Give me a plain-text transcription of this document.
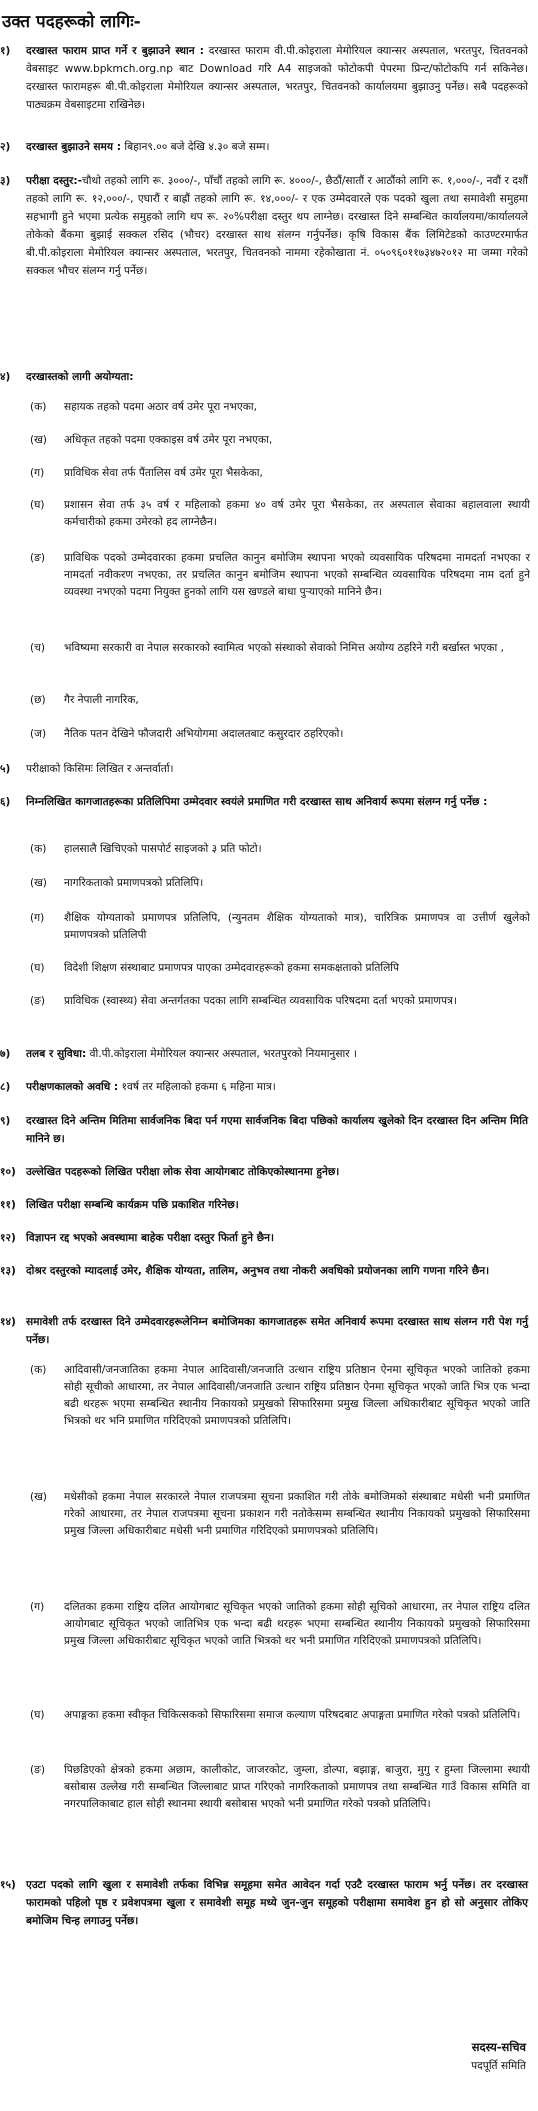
उक्त पदहरूको लागिः-
१) दरखास्त फाराम प्राप्त गर्ने र बुझाउने स्थान : दरखास्त फाराम वी.पी.कोइराला मेमोरियल क्यान्सर अस्पताल, भरतपुर, चितवनको वेबसाइट www.bpkmch.org.np बाट Download गरि A4 साइजको फोटोकपी पेपरमा प्रिन्ट/फोटोकपि गर्न सकिनेछ। दरखास्त फारामहरू बी.पी.कोइराला मेमोरियल क्यान्सर अस्पताल, भरतपुर, चितवनको कार्यालयमा बुझाउनु पर्नेछ। सबै पदहरूको पाठ्यक्रम वेबसाइटमा राखिनेछ।
२) दरखास्त बुझाउने समय : बिहान९.०० बजे देखि ४.३० बजे सम्म।
३) परीक्षा दस्तुर:-चौथो तहको लागि रू. ३०००/-, पाँचौं तहको लागि रू. ४०००/-, छैठौं/सातौं र आठौंको लागि रू. १,०००/-, नवौं र दशौं तहको लागि रू. १२,०००/-, एघारौं र बाह्रौं तहको लागि रू. १४,०००/- र एक उम्मेदवारले एक पदको खुला तथा समावेशी समुहमा सहभागी हुने भएमा प्रत्येक समुहको लागि थप रू. २०%परीक्षा दस्तुर थप लाग्नेछ। दरखास्त दिने सम्बन्धित कार्यालयमा/कार्यालयले तोकेको बैंकमा बुझाई सक्कल रसिद (भौचर) दरखास्त साथ संलग्न गर्नुपर्नेछ। कृषि विकास बैंक लिमिटेडको काउण्टरमार्फत बी.पी.कोइराला मेमोरियल क्यान्सर अस्पताल, भरतपुर, चितवनको नाममा रहेकोखाता नं. ०५०९६०११७३४७२०१२ मा जम्मा गरेको सक्कल भौचर संलग्न गर्नु पर्नेछ।
४) दरखास्तको लागी अयोग्यता:
(क) सहायक तहको पदमा अठार वर्ष उमेर पूरा नभएका,
(ख) अधिकृत तहको पदमा एक्काइस वर्ष उमेर पूरा नभएका,
(ग) प्राविधिक सेवा तर्फ पैंतालिस वर्ष उमेर पूरा भैसकेका,
(घ) प्रशासन सेवा तर्फ ३५ वर्ष र महिलाको हकमा ४० वर्ष उमेर पूरा भैसकेका, तर अस्पताल सेवाका बहालवाला स्थायी कर्मचारीको हकमा उमेरको हद लाग्नेछैन।
(ङ) प्राविधिक पदको उम्मेदवारका हकमा प्रचलित कानुन बमोजिम स्थापना भएको व्यवसायिक परिषदमा नामदर्ता नभएका र नामदर्ता नवीकरण नभएका, तर प्रचलित कानुन बमोजिम स्थापना भएको सम्बन्धित व्यवसायिक परिषदमा नाम दर्ता हुने व्यवस्था नभएको पदमा नियुक्त हुनको लागि यस खण्डले बाधा पुऱ्याएको मानिने छैन।
(च) भविष्यमा सरकारी वा नेपाल सरकारको स्वामित्व भएको संस्थाको सेवाको निमित्त अयोग्य ठहरिने गरी बर्खास्त भएका ,
(छ) गैर नेपाली नागरिक,
(ज) नैतिक पतन देखिने फौजदारी अभियोगमा अदालतबाट कसुरदार ठहरिएको।
५) परीक्षाको किसिमः लिखित र अन्तर्वार्ता।
६) निम्नलिखित कागजातहरूका प्रतिलिपिमा उम्मेदवार स्वयंले प्रमाणित गरी दरखास्त साथ अनिवार्य रूपमा संलग्न गर्नु पर्नेछ :
(क) हालसालै खिचिएको पासपोर्ट साइजको ३ प्रति फोटो।
(ख) नागरिकताको प्रमाणपत्रको प्रतिलिपि।
(ग) शैक्षिक योग्यताको प्रमाणपत्र प्रतिलिपि, (न्युनतम शैक्षिक योग्यताको मात्र), चारित्रिक प्रमाणपत्र वा उत्तीर्ण खुलेको प्रमाणपत्रको प्रतिलिपी
(घ) विदेशी शिक्षण संस्थाबाट प्रमाणपत्र पाएका उम्मेदवारहरूको हकमा समकक्षताको प्रतिलिपि
(ङ) प्राविधिक (स्वास्थ्य) सेवा अन्तर्गतका पदका लागि सम्बन्धित व्यवसायिक परिषदमा दर्ता भएको प्रमाणपत्र।
७) तलब र सुविधा: वी.पी.कोइराला मेमोरियल क्यान्सर अस्पताल, भरतपुरको नियमानुसार ।
८) परीक्षणकालको अवधि : १वर्ष तर महिलाको हकमा ६ महिना मात्र।
९) दरखास्त दिने अन्तिम मितिमा सार्वजनिक बिदा पर्न गएमा सार्वजनिक बिदा पछिको कार्यालय खुलेको दिन दरखास्त दिन अन्तिम मिति मानिने छ।
१०) उल्लेखित पदहरूको लिखित परीक्षा लोक सेवा आयोगबाट तोकिएकोस्थानमा हुनेछ।
११) लिखित परीक्षा सम्बन्धि कार्यक्रम पछि प्रकाशित गरिनेछ।
१२) विज्ञापन रद्द भएको अवस्थामा बाहेक परीक्षा दस्तुर फिर्ता हुने छैन।
१३) दोश्रर दस्तुरको म्यादलाई उमेर, शैक्षिक योग्यता, तालिम, अनुभव तथा नोकरी अवधिको प्रयोजनका लागि गणना गरिने छैन।
१४) समावेशी तर्फ दरखास्त दिने उम्मेदवारहरूलेनिम्न बमोजिमका कागजातहरू समेत अनिवार्य रूपमा दरखास्त साथ संलग्न गरी पेश गर्नु पर्नेछ।
(क) आदिवासी/जनजातिका हकमा नेपाल आदिवासी/जनजाति उत्थान राष्ट्रिय प्रतिष्ठान ऐनमा सूचिकृत भएको जातिको हकमा सोही सूचीको आधारमा, तर नेपाल आदिवासी/जनजाति उत्थान राष्ट्रिय प्रतिष्ठान ऐनमा सूचिकृत भएको जाति भित्र एक भन्दा बढी थरहरू भएमा सम्बन्धित स्थानीय निकायको प्रमुखको सिफारिसमा प्रमुख जिल्ला अधिकारीबाट सूचिकृत भएको जाति भित्रको थर भनि प्रमाणित गरिदिएको प्रमाणपत्रको प्रतिलिपि।
(ख) मधेसीको हकमा नेपाल सरकारले नेपाल राजपत्रमा सूचना प्रकाशित गरी तोके बमोजिमको संस्थाबाट मधेसी भनी प्रमाणित गरेको आधारमा, तर नेपाल राजपत्रमा सूचना प्रकाशन गरी नतोकेसम्म सम्बन्धित स्थानीय निकायको प्रमुखको सिफारिसमा प्रमुख जिल्ला अधिकारीबाट मधेसी भनी प्रमाणित गरिदिएको प्रमाणपत्रको प्रतिलिपि।
(ग) दलितका हकमा राष्ट्रिय दलित आयोगबाट सूचिकृत भएको जातिको हकमा सोही सूचिको आधारमा, तर नेपाल राष्ट्रिय दलित आयोगबाट सूचिकृत भएको जातिभित्र एक भन्दा बढी थरहरू भएमा सम्बन्धित स्थानीय निकायको प्रमुखको सिफारिसमा प्रमुख जिल्ला अधिकारीबाट सूचिकृत भएको जाति भित्रको थर भनी प्रमाणित गरिदिएको प्रमाणपत्रको प्रतिलिपि।
(घ) अपाङ्गका हकमा स्वीकृत चिकित्सकको सिफारिसमा समाज कल्याण परिषदबाट अपाङ्गता प्रमाणित गरेको पत्रको प्रतिलिपि।
(ङ) पिछडिएको क्षेत्रको हकमा अछाम, कालीकोट, जाजरकोट, जुम्ला, डोल्पा, बझाङ्ग, बाजुरा, मुगु र हुम्ला जिल्लामा स्थायी बसोबास उल्लेख गरी सम्बन्धित जिल्लाबाट प्राप्त गरिएको नागरिकताको प्रमाणपत्र तथा सम्बन्धित गाउँ विकास समिति वा नगरपालिकाबाट हाल सोही स्थानमा स्थायी बसोबास भएको भनी प्रमाणित गरेको पत्रको प्रतिलिपि।
१५) एउटा पदको लागि खुला र समावेशी तर्फका विभिन्न समूहमा समेत आवेदन गर्दा एउटै दरखास्त फाराम भर्नु पर्नेछ। तर दरखास्त फारामको पहिलो पृष्ठ र प्रवेशपत्रमा खुला र समावेशी समूह मध्ये जुन-जुन समूहको परीक्षामा समावेश हुन हो सो अनुसार तोकिए बमोजिम चिन्ह लगाउनु पर्नेछ।
सदस्य-सचिव
पदपूर्ति समिति
